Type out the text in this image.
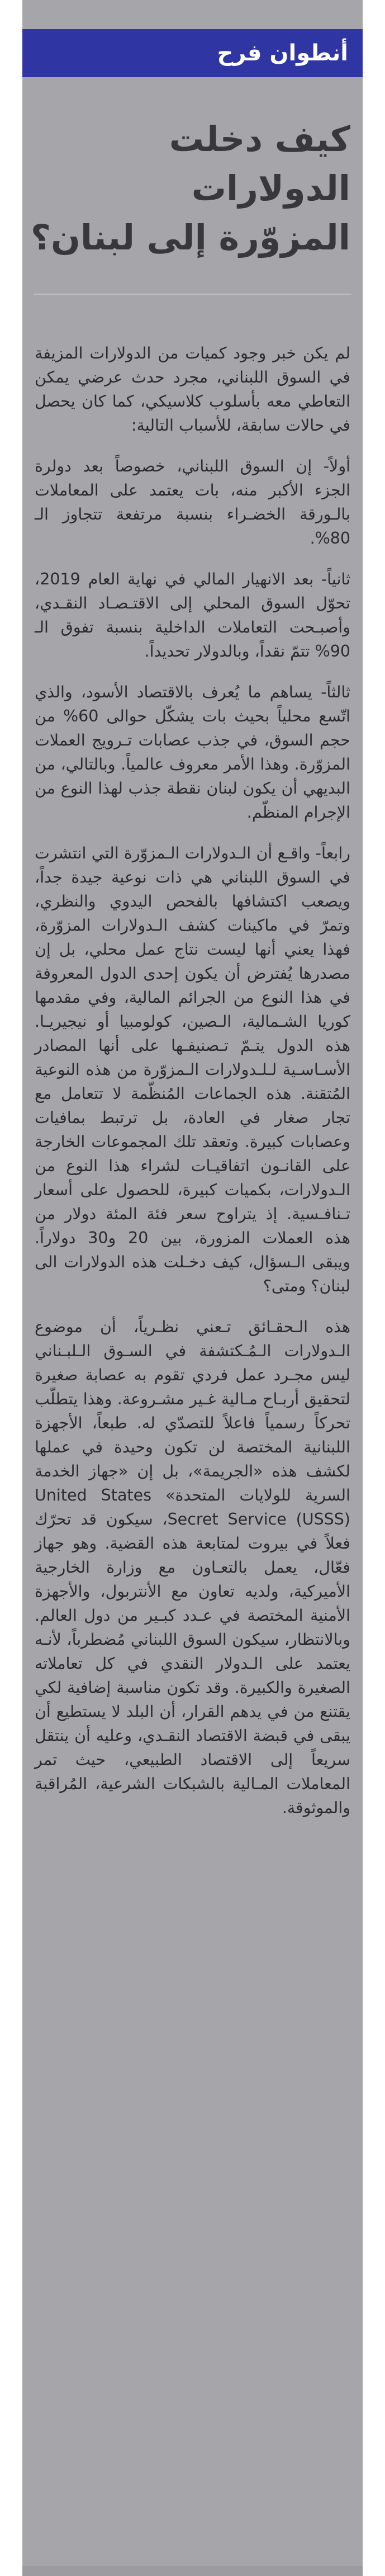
أنطوان فرح
كيف دخلت
الدولارات
المزوّرة إلى لبنان؟

لم يكن خبر وجود كميات من الدولارات المزيفة في السوق اللبناني، مجرد حدث عرضي يمكن التعاطي معه بأسلوب كلاسيكي، كما كان يحصل في حالات سابقة، للأسباب التالية:

أولاً- إن السوق اللبناني، خصوصاً بعد دولرة الجزء الأكبر منه، بات يعتمد على المعاملات بالـورقة الخضـراء بنسبة مرتفعة تتجاوز الـ 80%.

ثانياً- بعد الانهيار المالي في نهاية العام 2019، تحوّل السوق المحلي إلى الاقتـصـاد النقـدي، وأصبـحت التعاملات الداخلية بنسبة تفوق الـ 90% تتمّ نقداً، وبالدولار تحديداً.

ثالثاً- يساهم ما يُعرف بالاقتصاد الأسود، والذي اتّسع محلياً بحيث بات يشكّل حوالى 60% من حجم السوق، في جذب عصابات تـرويج العملات المزوّرة. وهذا الأمر معروف عالمياً. وبالتالي، من البديهي أن يكون لبنان نقطة جذب لهذا النوع من الإجرام المنظّم.

رابعاً- واقـع أن الـدولارات الـمزوّرة التي انتشرت في السوق اللبناني هي ذات نوعية جيدة جداً، ويصعب اكتشافها بالفحص اليدوي والنظري، وتمرّ في ماكينات كشف الـدولارات المزوّرة، فهذا يعني أنها ليست نتاج عمل محلي، بل إن مصدرها يُفترض أن يكون إحدى الدول المعروفة في هذا النوع من الجرائم المالية، وفي مقدمها كوريا الشـمالية، الـصين، كولومبيا أو نيجيريـا. هذه الدول يتـمّ تـصنيفـها على أنها المصادر الأسـاسـية لـلـدولارات الـمزوّرة من هذه النوعية المُتقنة. هذه الجماعات المُنظّمة لا تتعامل مع تجار صغار في العادة، بل ترتبط بمافيات وعصابات كبيرة. وتعقد تلك المجموعات الخارجة على القانـون اتفاقيـات لشراء هذا النوع من الـدولارات، بكميات كبيرة، للحصول على أسعار تـنافـسية. إذ يتراوح سعر فئة المئة دولار من هذه العملات المزورة، بين 20 و30 دولاراً. ويبقى الـسؤال، كيف دخـلت هذه الدولارات الى لبنان؟ ومتى؟

هذه الـحقـائق تـعني نظـرياً، أن موضوع الـدولارات الـمُـكتشفة في السـوق الـلبـناني ليس مجـرد عمل فردي تقوم به عصابة صغيرة لتحقيق أربـاح مـالية غـير مشـروعة. وهذا يتطلّب تحركاً رسمياً فاعلاً للتصدّي له. طبعاً، الأجهزة اللبنانية المختصة لن تكون وحيدة في عملها لكشف هذه «الجريمة»، بل إن «جهاز الخدمة السرية للولايات المتحدة» United States Secret Service (USSS)، سيكون قد تحرّك فعلاً في بيروت لمتابعة هذه القضية. وهو جهاز فعّال، يعمل بالتعـاون مع وزارة الخارجية الأميركية، ولديه تعاون مع الأنتربول، والأجهزة الأمنية المختصة في عـدد كبـير من دول العالم. وبالانتظار، سيكون السوق اللبناني مُضطرباً، لأنـه يعتمد على الـدولار النقدي في كل تعاملاته الصغيرة والكبيرة. وقد تكون مناسبة إضافية لكي يقتنع من في يدهم القرار، أن البلد لا يستطيع أن يبقى في قبضة الاقتصاد النقـدي، وعليه أن ينتقل سريعاً إلى الاقتصاد الطبيعي، حيث تمر المعاملات المـالية بالشبكات الشرعية، المُراقبة والموثوقة.
